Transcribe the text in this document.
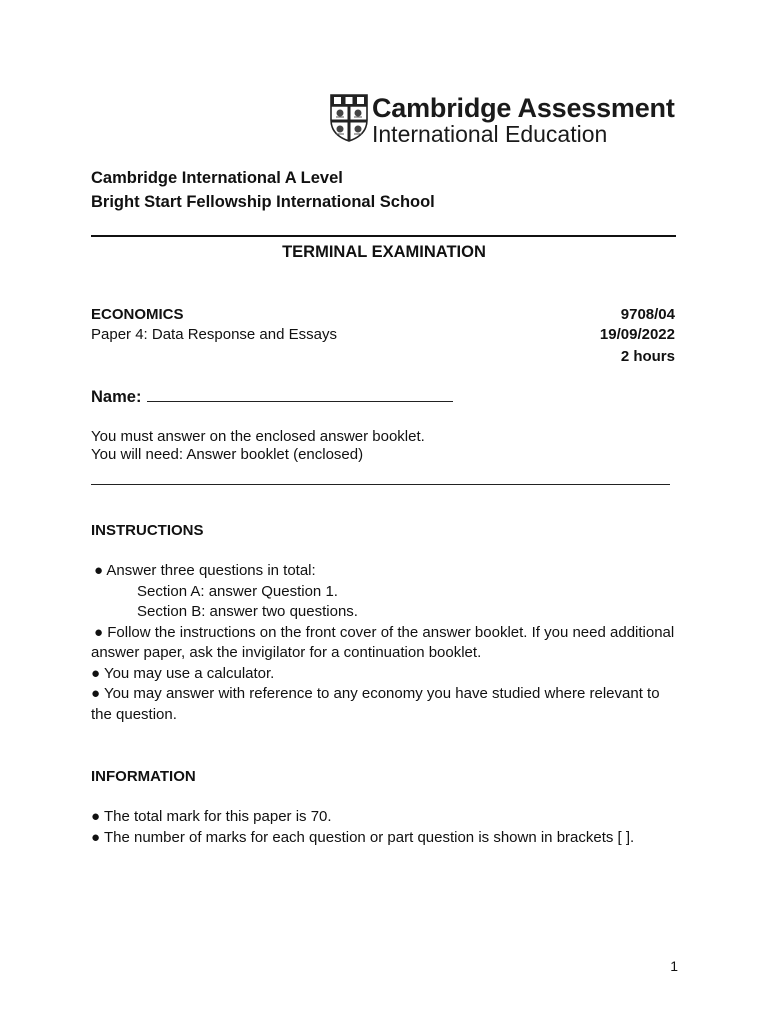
Cambridge Assessment
International Education
Cambridge International A Level
Bright Start Fellowship International School
TERMINAL EXAMINATION
ECONOMICS
Paper 4: Data Response and Essays
9708/04
19/09/2022
2 hours
Name:
You must answer on the enclosed answer booklet.
You will need: Answer booklet (enclosed)
INSTRUCTIONS
● Answer three questions in total:
Section A: answer Question 1.
Section B: answer two questions.
● Follow the instructions on the front cover of the answer booklet. If you need additional
answer paper, ask the invigilator for a continuation booklet.
● You may use a calculator.
● You may answer with reference to any economy you have studied where relevant to
the question.
INFORMATION
● The total mark for this paper is 70.
● The number of marks for each question or part question is shown in brackets [ ].
1
